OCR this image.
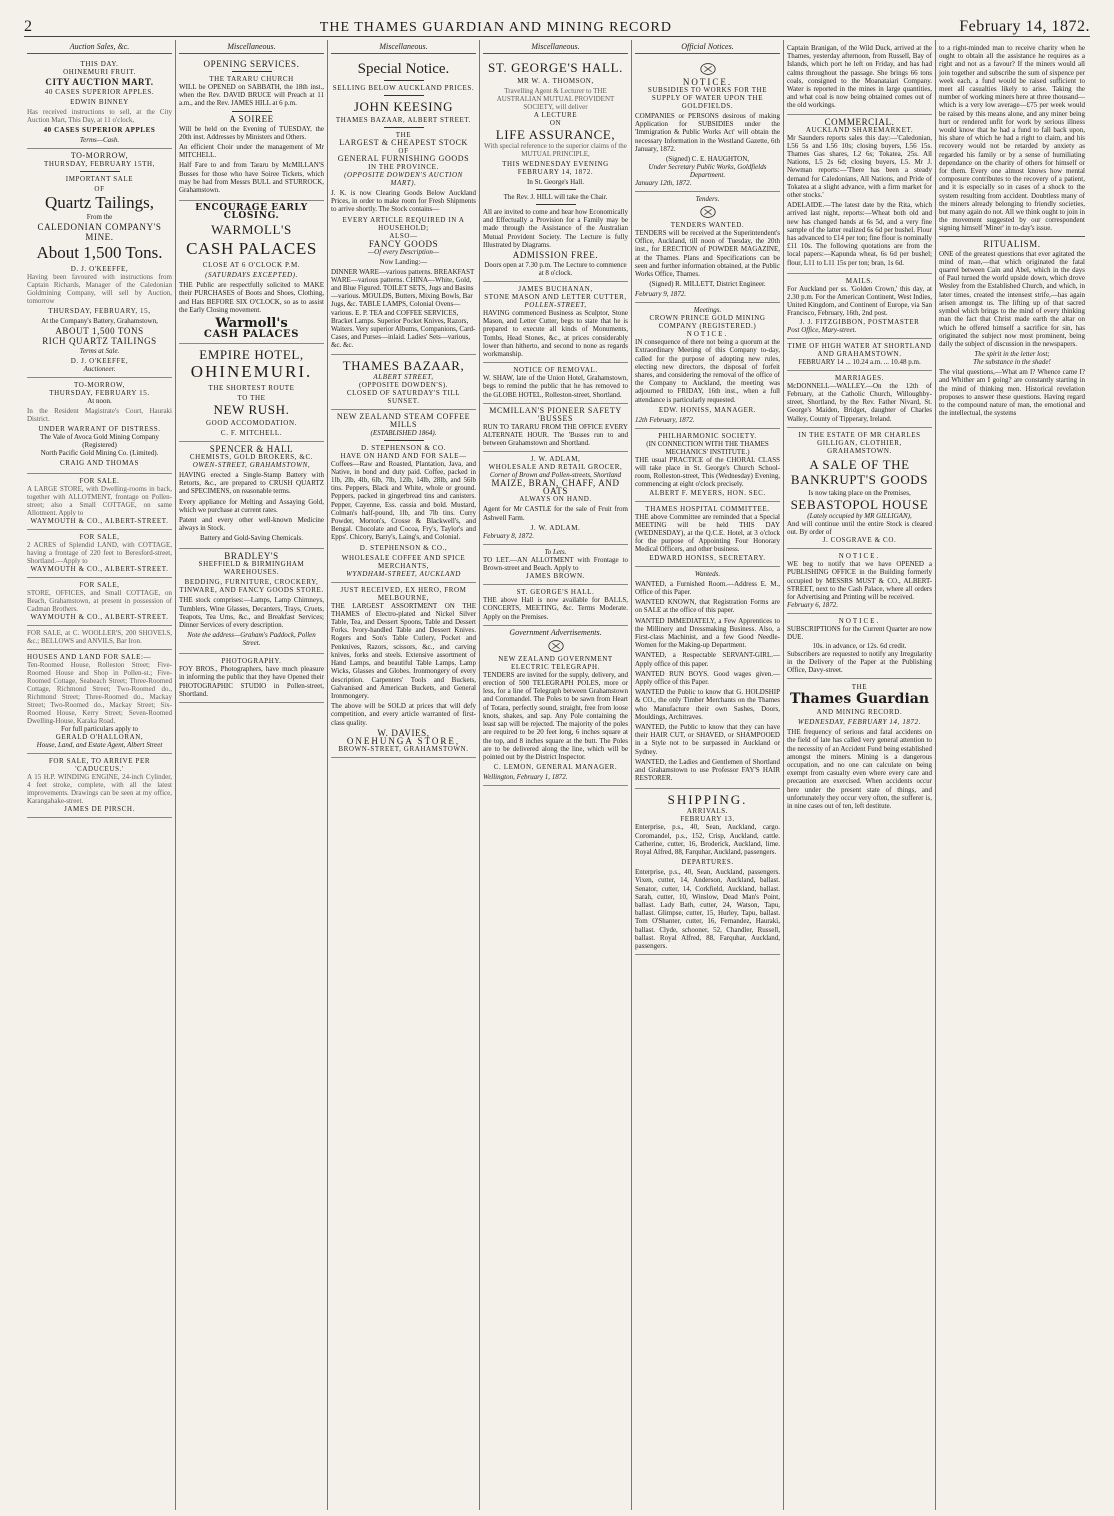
2	THE THAMES GUARDIAN AND MINING RECORD	February 14, 1872.
Auction Sales, &c.
THIS DAY.
OHINEMURI FRUIT.
CITY AUCTION MART.
40 CASES SUPERIOR APPLES.
EDWIN BINNEY
Has received instructions to sell, at the City Auction Mart, This Day, at 11 o'clock,
40 CASES SUPERIOR APPLES
Terms—Cash.
TO-MORROW,
THURSDAY, FEBRUARY 15TH,
IMPORTANT SALE
OF
Quartz Tailings,
From the
CALEDONIAN COMPANY'S
MINE.
About 1,500 Tons.
D. J. O'KEEFFE,
Having been favoured with instructions from Captain Richards, Manager of the Caledonian Goldmining Company, will sell by Auction, tomorrow
THURSDAY, FEBRUARY, 15,
At the Company's Battery, Grahamstown,
ABOUT 1,500 TONS
RICH QUARTZ TAILINGS
Terms at Sale.
D. J. O'KEEFFE,
Auctioneer.
TO-MORROW,
THURSDAY, FEBRUARY 15.
At noon.
In the Resident Magistrate's Court, Hauraki District.
UNDER WARRANT OF DISTRESS.
The Vale of Avoca Gold Mining Company (Registered)
North Pacific Gold Mining Co. (Limited).
CRAIG AND THOMAS
FOR SALE.
A LARGE STORE, with Dwelling-rooms in back, together with ALLOTMENT, frontage on Pollen-street; also a Small COTTAGE, on same Allotment. Apply to
WAYMOUTH & CO., ALBERT-STREET.
FOR SALE,
2 ACRES of Splendid LAND, with COTTAGE, having a frontage of 220 feet to Beresford-street, Shortland.—Apply to
WAYMOUTH & CO., ALBERT-STREET.
FOR SALE,
STORE, OFFICES, and Small COTTAGE, on Beach, Grahamstown, at present in possession of Cadman Brothers.
WAYMOUTH & CO., ALBERT-STREET.
FOR SALE, at C. WOOLLER'S, 200 SHOVELS, &c.; BELLOWS and ANVILS, Bar Iron.
HOUSES AND LAND FOR SALE:—
Ten-Roomed House, Rolleston Street; Five-Roomed House and Shop in Pollen-st.; Five-Roomed Cottage, Seabeach Street; Three-Roomed Cottage, Richmond Street; Two-Roomed do., Richmond Street; Three-Roomed do., Mackay Street; Two-Roomed do., Mackay Street; Six-Roomed House, Kerry Street; Seven-Roomed Dwelling-House, Karaka Road.
For full particulars apply to
GERALD O'HALLORAN,
House, Land, and Estate Agent, Albert Street
FOR SALE, TO ARRIVE PER 'CADUCEUS.'
A 15 H.P. WINDING ENGINE, 24-inch Cylinder, 4 feet stroke, complete, with all the latest improvements. Drawings can be seen at my office, Karangahake-street.
JAMES DE PIRSCH.
Miscellaneous.
OPENING SERVICES.
THE TARARU CHURCH
WILL be OPENED on SABBATH, the 18th inst., when the Rev. DAVID BRUCE will Preach at 11 a.m., and the Rev. JAMES HILL at 6 p.m.
A SOIREE
Will be held on the Evening of TUESDAY, the 20th inst. Addresses by Ministers and Others.
An efficient Choir under the management of Mr MITCHELL.
Half Fare to and from Tararu by McMILLAN'S Busses for those who have Soiree Tickets, which may be had from Messrs BULL and STURROCK, Grahamstown.
ENCOURAGE EARLY CLOSING.
WARMOLL'S
CASH PALACES
CLOSE AT 6 O'CLOCK P.M.
(SATURDAYS EXCEPTED).
THE Public are respectfully solicited to MAKE their PURCHASES of Boots and Shoes, Clothing, and Hats BEFORE SIX O'CLOCK, so as to assist the Early Closing movement.
Warmoll's
CASH PALACES
EMPIRE HOTEL,
OHINEMURI.
THE SHORTEST ROUTE
TO THE
NEW RUSH.
GOOD ACCOMODATION.
C. F. MITCHELL.
SPENCER & HALL
CHEMISTS, GOLD BROKERS, &C.
OWEN-STREET, GRAHAMSTOWN,
HAVING erected a Single-Stamp Battery with Retorts, &c., are prepared to CRUSH QUARTZ and SPECIMENS, on reasonable terms.
Every appliance for Melting and Assaying Gold, which we purchase at current rates.
Patent and every other well-known Medicine always in Stock.
Battery and Gold-Saving Chemicals.
BRADLEY'S
SHEFFIELD & BIRMINGHAM WAREHOUSES.
BEDDING, FURNITURE, CROCKERY, TINWARE, AND FANCY GOODS STORE.
THE stock comprises:—Lamps, Lamp Chimneys, Tumblers, Wine Glasses, Decanters, Trays, Cruets, Teapots, Tea Urns, &c., and Breakfast Services; Dinner Services of every description.
Note the address—Graham's Paddock, Pollen Street.
PHOTOGRAPHY.
FOY BROS., Photographers, have much pleasure in informing the public that they have Opened their PHOTOGRAPHIC STUDIO in Pollen-street, Shortland.
Miscellaneous.
Special Notice.
SELLING BELOW AUCKLAND PRICES.
JOHN KEESING
THAMES BAZAAR, ALBERT STREET.
THE
LARGEST & CHEAPEST STOCK
OF
GENERAL FURNISHING GOODS
IN THE PROVINCE.
(OPPOSITE DOWDEN'S AUCTION MART).
J. K. is now Clearing Goods Below Auckland Prices, in order to make room for Fresh Shipments to arrive shortly. The Stock contains—
EVERY ARTICLE REQUIRED IN A HOUSEHOLD;
ALSO—
FANCY GOODS
—Of every Description—
Now Landing:—
DINNER WARE—various patterns. BREAKFAST WARE—various patterns. CHINA—White, Gold, and Blue Figured. TOILET SETS, Jugs and Basins—various. MOULDS, Butters, Mixing Bowls, Bar Jugs, &c. TABLE LAMPS, Colonial Ovens—various. E. P. TEA and COFFEE SERVICES, Bracket Lamps. Superior Pocket Knives, Razors, Waiters. Very superior Albums, Companions, Card-Cases, and Purses—inlaid. Ladies' Sets—various, &c. &c.
THAMES BAZAAR,
ALBERT STREET,
(OPPOSITE DOWDEN'S).
CLOSED OF SATURDAY'S TILL SUNSET.
NEW ZEALAND STEAM COFFEE MILLS
(ESTABLISHED 1864).
D. STEPHENSON & CO.
HAVE ON HAND AND FOR SALE—
Coffees—Raw and Roasted, Plantation, Java, and Native, in bond and duty paid. Coffee, packed in 1lb, 2lb, 4lb, 6lb, 7lb, 12lb, 14lb, 28lb, and 56lb tins. Peppers, Black and White, whole or ground. Peppers, packed in gingerbread tins and canisters. Pepper, Cayenne, Ess. cassia and bold. Mustard, Colman's half-pound, 1lb, and 7lb tins. Curry Powder, Morton's, Crosse & Blackwell's, and Bengal. Chocolate and Cocoa, Fry's, Taylor's and Epps'. Chicory, Barry's, Laing's, and Colonial.
D. STEPHENSON & CO.,
WHOLESALE COFFEE AND SPICE MERCHANTS,
WYNDHAM-STREET, AUCKLAND
JUST RECEIVED, EX HERO, FROM MELBOURNE,
THE LARGEST ASSORTMENT ON THE THAMES of Electro-plated and Nickel Silver Table, Tea, and Dessert Spoons, Table and Dessert Forks. Ivory-handled Table and Dessert Knives. Rogers and Son's Table Cutlery, Pocket and Penknives, Razors, scissors, &c., and carving knives, forks and steels. Extensive assortment of Hand Lamps, and beautiful Table Lamps, Lamp Wicks, Glasses and Globes. Ironmongery of every description. Carpenters' Tools and Buckets, Galvanised and American Buckets, and General Ironmongery.
The above will be SOLD at prices that will defy competition, and every article warranted of first-class quality.
W. DAVIES,
ONEHUNGA STORE,
BROWN-STREET, GRAHAMSTOWN.
Miscellaneous.
ST. GEORGE'S HALL.
MR W. A. THOMSON,
Travelling Agent & Lecturer to THE AUSTRALIAN MUTUAL PROVIDENT SOCIETY, will deliver
A LECTURE
ON
LIFE ASSURANCE,
With special reference to the superior claims of the MUTUAL PRINCIPLE,
THIS WEDNESDAY EVENING FEBRUARY 14, 1872.
In St. George's Hall.
The Rev. J. HILL will take the Chair.
All are invited to come and hear how Economically and Effectually a Provision for a Family may be made through the Assistance of the Australian Mutual Provident Society. The Lecture is fully Illustrated by Diagrams.
ADMISSION FREE.
Doors open at 7.30 p.m. The Lecture to commence at 8 o'clock.
JAMES BUCHANAN,
STONE MASON AND LETTER CUTTER,
POLLEN-STREET,
HAVING commenced Business as Sculptor, Stone Mason, and Letter Cutter, begs to state that he is prepared to execute all kinds of Monuments, Tombs, Head Stones, &c., at prices considerably lower than hitherto, and second to none as regards workmanship.
NOTICE OF REMOVAL.
W. SHAW, late of the Union Hotel, Grahamstown, begs to remind the public that he has removed to the GLOBE HOTEL, Rolleston-street, Shortland.
MCMILLAN'S PIONEER SAFETY 'BUSSES
RUN TO TARARU FROM THE OFFICE EVERY ALTERNATE HOUR. The 'Busses run to and between Grahamstown and Shortland.
J. W. ADLAM,
WHOLESALE AND RETAIL GROCER,
Corner of Brown and Pollen-streets, Shortland
MAIZE, BRAN, CHAFF, AND OATS
ALWAYS ON HAND.
Agent for Mr CASTLE for the sale of Fruit from Ashwell Farm.
J. W. ADLAM.
February 8, 1872.
To Lets.
TO LET.—AN ALLOTMENT with Frontage to Brown-street and Beach. Apply to
JAMES BROWN.
ST. GEORGE'S HALL.
THE above Hall is now available for BALLS, CONCERTS, MEETING, &c. Terms Moderate. Apply on the Premises.
Government Advertisements.
NEW ZEALAND GOVERNMENT ELECTRIC TELEGRAPH.
TENDERS are invited for the supply, delivery, and erection of 500 TELEGRAPH POLES, more or less, for a line of Telegraph between Grahamstown and Coromandel. The Poles to be sawn from Heart of Totara, perfectly sound, straight, free from loose knots, shakes, and sap. Any Pole containing the least sap will be rejected. The majority of the poles are required to be 20 feet long, 6 inches square at the top, and 8 inches square at the butt. The Poles are to be delivered along the line, which will be pointed out by the District Inspector.
C. LEMON, GENERAL MANAGER.
Wellington, February 1, 1872.
Official Notices.
NOTICE.
SUBSIDIES TO WORKS FOR THE SUPPLY OF WATER UPON THE GOLDFIELDS.
COMPANIES or PERSONS desirous of making Application for SUBSIDIES under the 'Immigration & Public Works Act' will obtain the necessary Information in the Westland Gazette, 6th January, 1872.
(Signed) C. E. HAUGHTON,
Under Secretary Public Works, Goldfields Department.
January 12th, 1872.
Tenders.
TENDERS WANTED.
TENDERS will be received at the Superintendent's Office, Auckland, till noon of Tuesday, the 20th inst., for ERECTION of POWDER MAGAZINE, at the Thames. Plans and Specifications can be seen and further information obtained, at the Public Works Office, Thames.
(Signed) R. MILLETT, District Engineer.
February 9, 1872.
Meetings.
CROWN PRINCE GOLD MINING COMPANY (REGISTERED.)
NOTICE.
IN consequence of there not being a quorum at the Extraordinary Meeting of this Company to-day, called for the purpose of adopting new rules, electing new directors, the disposal of forfeit shares, and considering the removal of the office of the Company to Auckland, the meeting was adjourned to FRIDAY, 16th inst., when a full attendance is particularly requested.
EDW. HONISS, MANAGER.
12th February, 1872.
PHILHARMONIC SOCIETY.
(IN CONNECTION WITH THE THAMES MECHANICS' INSTITUTE.)
THE usual PRACTICE of the CHORAL CLASS will take place in St. George's Church School-room, Rolleston-street, This (Wednesday) Evening, commencing at eight o'clock precisely.
ALBERT F. MEYERS, HON. SEC.
THAMES HOSPITAL COMMITTEE.
THE above Committee are reminded that a Special MEETING will be held THIS DAY (WEDNESDAY), at the Q.C.E. Hotel, at 3 o'clock for the purpose of Appointing Four Honorary Medical Officers, and other business.
EDWARD HONISS, SECRETARY.
Wanteds.
WANTED, a Furnished Room.—Address E. M., Office of this Paper.
WANTED KNOWN, that Registration Forms are on SALE at the office of this paper.
WANTED IMMEDIATELY, a Few Apprentices to the Millinery and Dressmaking Business. Also, a First-class Machinist, and a few Good Needle-Women for the Making-up Department.
WANTED, a Respectable SERVANT-GIRL.—Apply office of this paper.
WANTED RUN BOYS. Good wages given.—Apply office of this Paper.
WANTED the Public to know that G. HOLDSHIP & CO., the only Timber Merchants on the Thames who Manufacture their own Sashes, Doors, Mouldings, Architraves.
WANTED, the Public to know that they can have their HAIR CUT, or SHAVED, or SHAMPOOED in a Style not to be surpassed in Auckland or Sydney.
WANTED, the Ladies and Gentlemen of Shortland and Grahamstown to use Professor FAY'S HAIR RESTORER.
SHIPPING.
ARRIVALS.
FEBRUARY 13.
Enterprise, p.s., 40, Sean, Auckland, cargo. Coromandel, p.s., 152, Crisp, Auckland, cattle. Catherine, cutter, 16, Broderick, Auckland, lime. Royal Alfred, 88, Farquhar, Auckland, passengers.
DEPARTURES.
Enterprise, p.s., 40, Sean, Auckland, passengers. Vixen, cutter, 14, Anderson, Auckland, ballast. Senator, cutter, 14, Corkfield, Auckland, ballast. Sarah, cutter, 10, Winslow, Dead Man's Point, ballast. Lady Bath, cutter, 24, Watson, Tapu, ballast. Glimpse, cutter, 15, Hurley, Tapu, ballast. Tom O'Shanter, cutter, 16, Fernandez, Hauraki, ballast. Clyde, schooner, 52, Chandler, Russell, ballast. Royal Alfred, 88, Farquhar, Auckland, passengers.
Captain Branigan, of the Wild Duck, arrived at the Thames, yesterday afternoon, from Russell, Bay of Islands, which port he left on Friday, and has had calms throughout the passage. She brings 66 tons coals, consigned to the Moanataiari Company. Water is reported in the mines in large quantities, and what coal is now being obtained comes out of the old workings.
COMMERCIAL.
AUCKLAND SHAREMARKET.
Mr Saunders reports sales this day:—'Caledonian, L56 5s and L56 10s; closing buyers, L56 15s. Thames Gas shares, L2 6s; Tokatea, 25s. All Nations, L5 2s 6d; closing buyers, L5. Mr J. Newman reports:—'There has been a steady demand for Caledonians, All Nations, and Pride of Tokatea at a slight advance, with a firm market for other stocks.'
ADELAIDE.—The latest date by the Rita, which arrived last night, reports:—Wheat both old and new has changed hands at 6s 5d, and a very fine sample of the latter realized 6s 6d per bushel. Flour has advanced to £14 per ton; fine flour is nominally £11 10s. The following quotations are from the local papers:—Kapunda wheat, 6s 6d per bushel; flour, L11 to L11 15s per ton; bran, 1s 6d.
MAILS.
For Auckland per ss. 'Golden Crown,' this day, at 2.30 p.m. For the American Continent, West Indies, United Kingdom, and Continent of Europe, via San Francisco, February, 16th, 2nd post.
J. J. FITZGIBBON, POSTMASTER
Post Office, Mary-street.
TIME OF HIGH WATER AT SHORTLAND AND GRAHAMSTOWN.
FEBRUARY 14 ... 10.24 a.m. ... 10.48 p.m.
MARRIAGES.
McDONNELL—WALLEY.—On the 12th of February, at the Catholic Church, Willoughby-street, Shortland, by the Rev. Father Nivard, St. George's Maiden, Bridget, daughter of Charles Walley, County of Tipperary, Ireland.
IN THE ESTATE OF MR CHARLES GILLIGAN, CLOTHIER, GRAHAMSTOWN.
A SALE OF THE BANKRUPT'S GOODS
Is now taking place on the Premises,
SEBASTOPOL HOUSE
(Lately occupied by MR GILLIGAN),
And will continue until the entire Stock is cleared out. By order of
J. COSGRAVE & CO.
NOTICE.
WE beg to notify that we have OPENED a PUBLISHING OFFICE in the Building formerly occupied by MESSRS MUST & CO., ALBERT-STREET, next to the Cash Palace, where all orders for Advertising and Printing will be received.
February 6, 1872.
NOTICE.
SUBSCRIPTIONS for the Current Quarter are now DUE.
10s. in advance, or 12s. 6d credit.
Subscribers are requested to notify any Irregularity in the Delivery of the Paper at the Publishing Office, Davy-street.
THE
Thames Guardian
AND MINING RECORD.
WEDNESDAY, FEBRUARY 14, 1872.
THE frequency of serious and fatal accidents on the field of late has called very general attention to the necessity of an Accident Fund being established amongst the miners. Mining is a dangerous occupation, and no one can calculate on being exempt from casualty even where every care and precaution are exercised. When accidents occur here under the present state of things, and unfortunately they occur very often, the sufferer is, in nine cases out of ten, left destitute.
to a right-minded man to receive charity when he ought to obtain all the assistance he requires as a right and not as a favour? If the miners would all join together and subscribe the sum of sixpence per week each, a fund would be raised sufficient to meet all casualties likely to arise. Taking the number of working miners here at three thousand—which is a very low average—£75 per week would be raised by this means alone, and any miner being hurt or rendered unfit for work by serious illness would know that he had a fund to fall back upon, his share of which he had a right to claim, and his recovery would not be retarded by anxiety as regarded his family or by a sense of humiliating dependance on the charity of others for himself or for them. Every one almost knows how mental composure contributes to the recovery of a patient, and it is especially so in cases of a shock to the system resulting from accident. Doubtless many of the miners already belonging to friendly societies, but many again do not. All we think ought to join in the movement suggested by our correspondent signing himself 'Miner' in to-day's issue.
RITUALISM.
ONE of the greatest questions that ever agitated the mind of man,—that which originated the fatal quarrel between Cain and Abel, which in the days of Paul turned the world upside down, which drove Wesley from the Established Church, and which, in later times, created the intensest strife,—has again arisen amongst us. The lifting up of that sacred symbol which brings to the mind of every thinking man the fact that Christ made earth the altar on which he offered himself a sacrifice for sin, has originated the subject now most prominent, being daily the subject of discussion in the newspapers.
The spirit in the letter lost;
The substance in the shade!
The vital questions,—What am I? Whence came I? and Whither am I going? are constantly starting in the mind of thinking men. Historical revelation proposes to answer these questions. Having regard to the compound nature of man, the emotional and the intellectual, the systems
